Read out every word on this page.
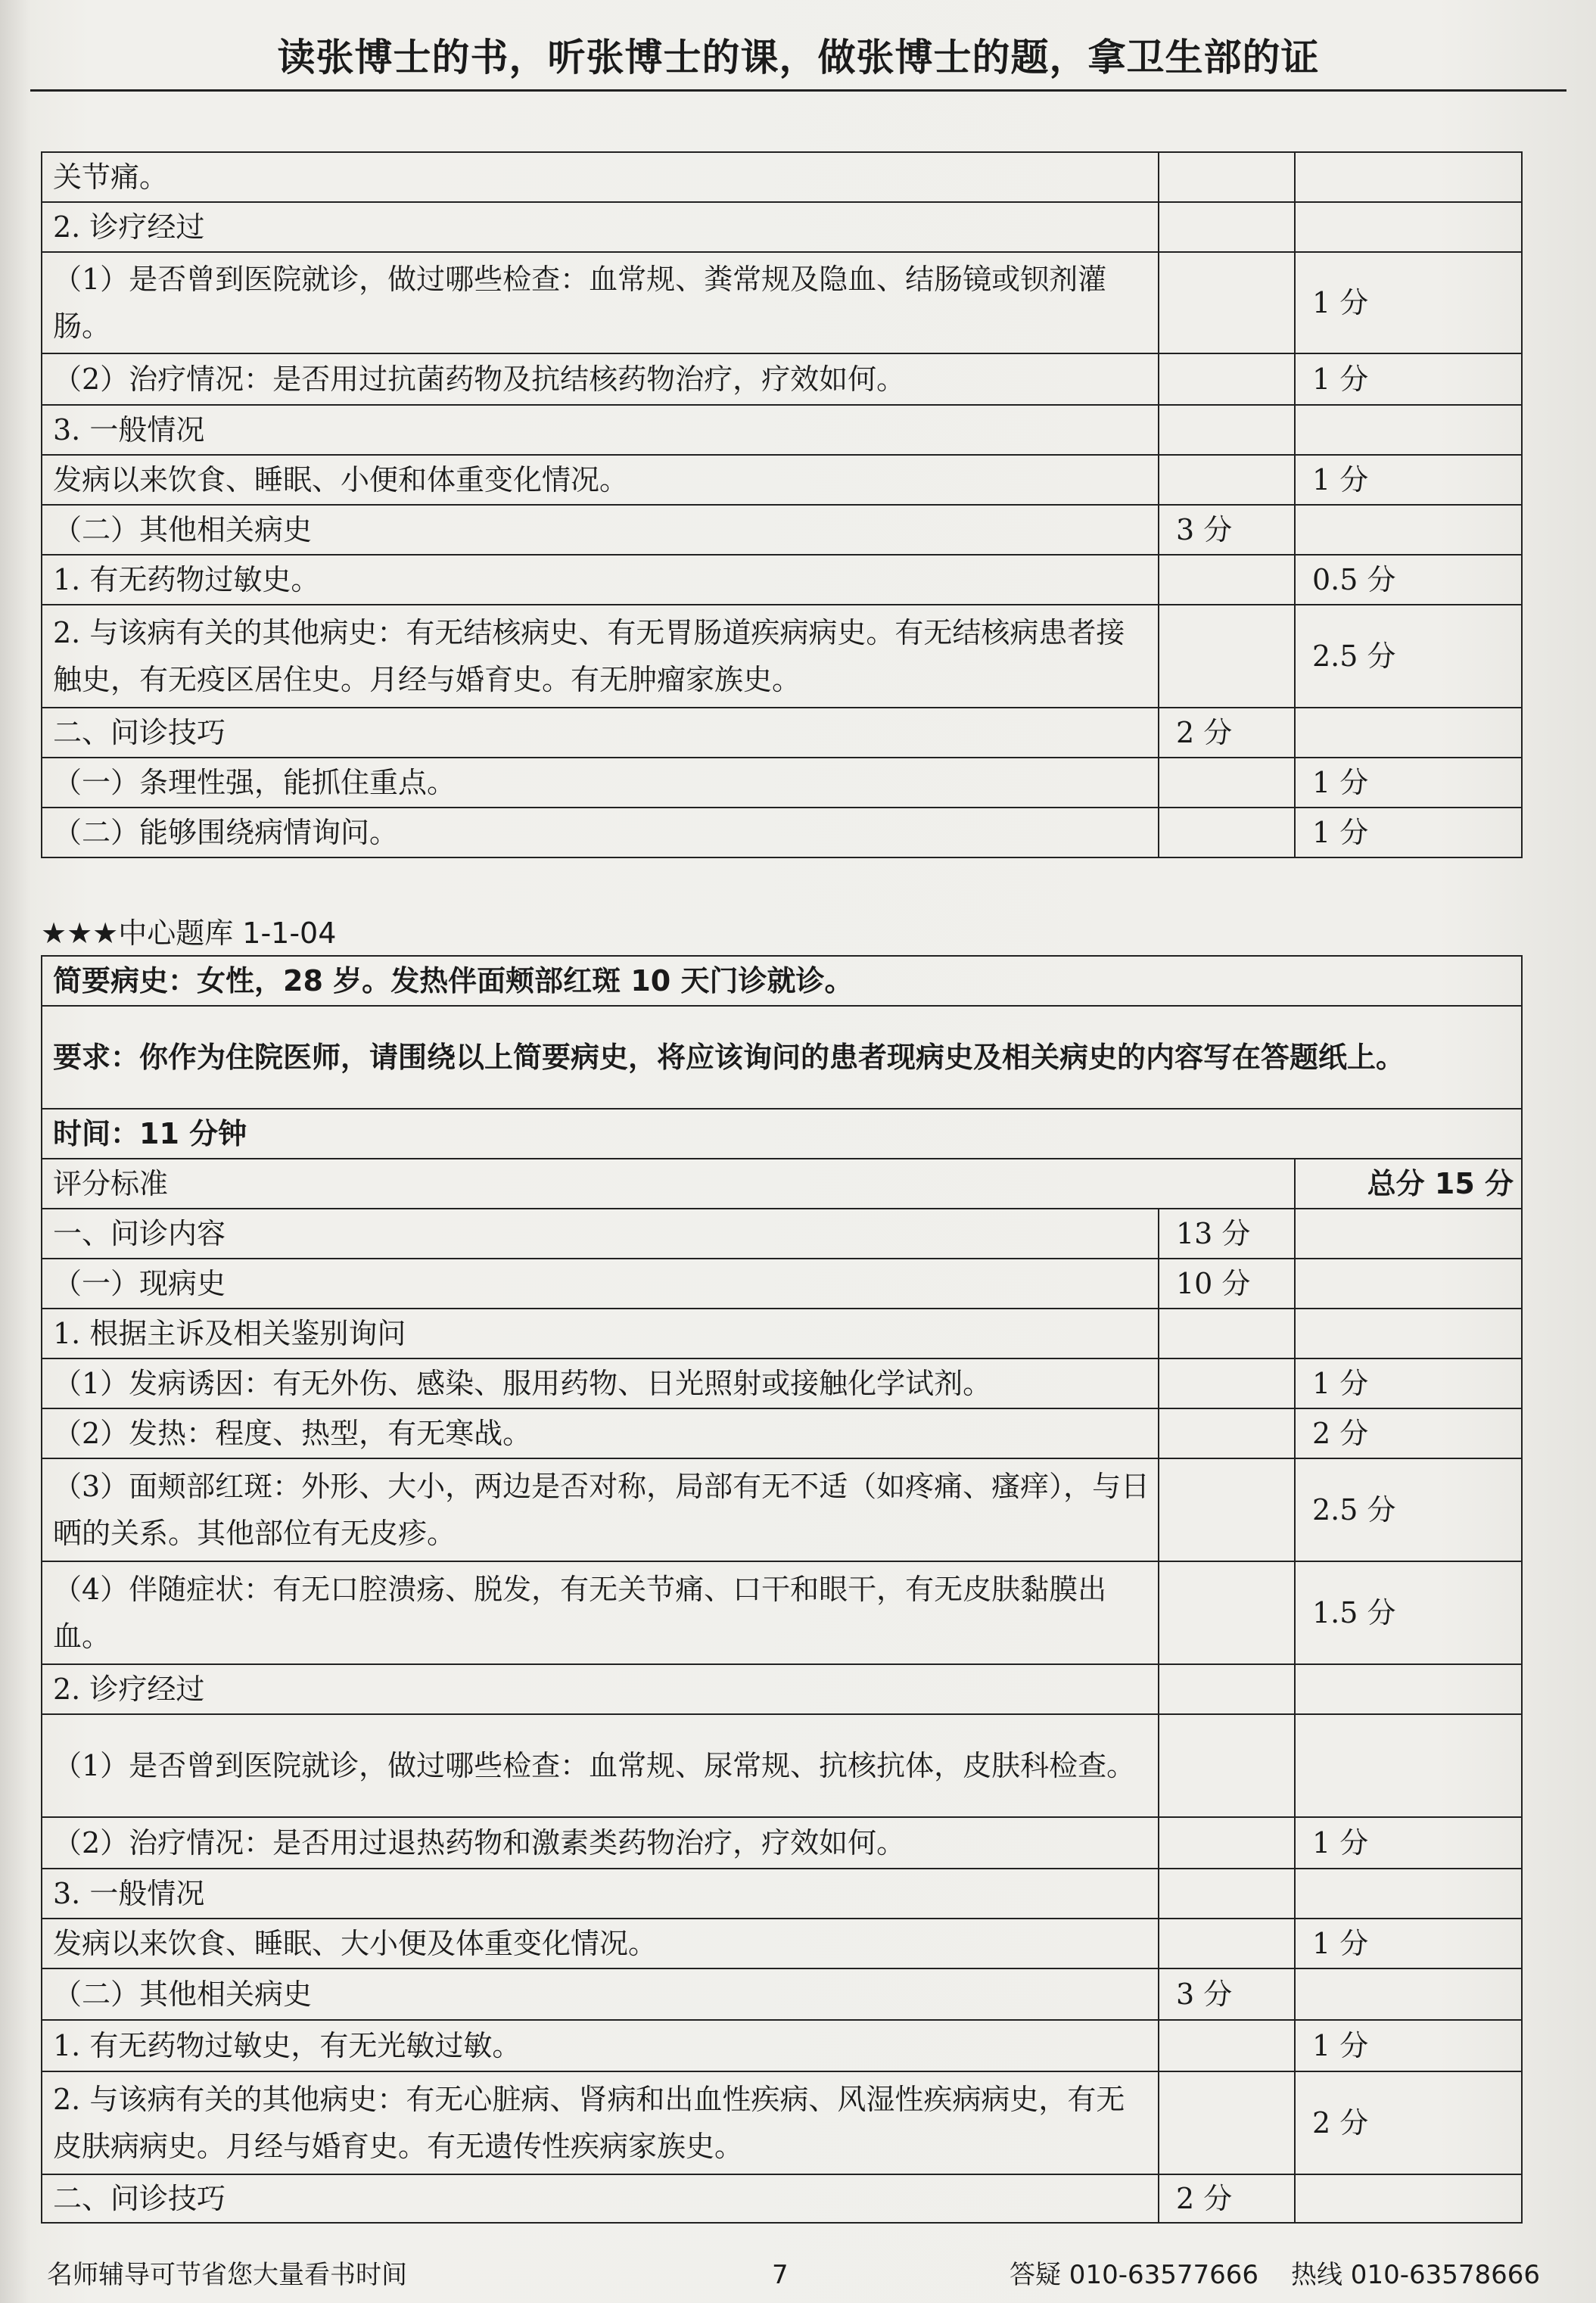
读张博士的书，听张博士的课，做张博士的题，拿卫生部的证
关节痛。		
2. 诊疗经过		
（1）是否曾到医院就诊，做过哪些检查：血常规、粪常规及隐血、结肠镜或钡剂灌肠。		1 分
（2）治疗情况：是否用过抗菌药物及抗结核药物治疗，疗效如何。		1 分
3. 一般情况		
发病以来饮食、睡眠、小便和体重变化情况。		1 分
（二）其他相关病史	3 分	
1. 有无药物过敏史。		0.5 分
2. 与该病有关的其他病史：有无结核病史、有无胃肠道疾病病史。有无结核病患者接触史，有无疫区居住史。月经与婚育史。有无肿瘤家族史。		2.5 分
二、问诊技巧	2 分	
（一）条理性强，能抓住重点。		1 分
（二）能够围绕病情询问。		1 分
★★★中心题库 1-1-04
简要病史：女性，28 岁。发热伴面颊部红斑 10 天门诊就诊。		
要求：你作为住院医师，请围绕以上简要病史，将应该询问的患者现病史及相关病史的内容写在答题纸上。		
时间：11 分钟		
评分标准		总分 15 分
一、问诊内容	13 分	
（一）现病史	10 分	
1. 根据主诉及相关鉴别询问		
（1）发病诱因：有无外伤、感染、服用药物、日光照射或接触化学试剂。		1 分
（2）发热：程度、热型，有无寒战。		2 分
（3）面颊部红斑：外形、大小，两边是否对称，局部有无不适（如疼痛、瘙痒），与日晒的关系。其他部位有无皮疹。		2.5 分
（4）伴随症状：有无口腔溃疡、脱发，有无关节痛、口干和眼干，有无皮肤黏膜出血。		1.5 分
2. 诊疗经过		
（1）是否曾到医院就诊，做过哪些检查：血常规、尿常规、抗核抗体，皮肤科检查。		
（2）治疗情况：是否用过退热药物和激素类药物治疗，疗效如何。		1 分
3. 一般情况		
发病以来饮食、睡眠、大小便及体重变化情况。		1 分
（二）其他相关病史	3 分	
1. 有无药物过敏史，有无光敏过敏。		1 分
2. 与该病有关的其他病史：有无心脏病、肾病和出血性疾病、风湿性疾病病史，有无皮肤病病史。月经与婚育史。有无遗传性疾病家族史。		2 分
二、问诊技巧	2 分	
名师辅导可节省您大量看书时间	7	答疑 010-63577666 热线 010-63578666
